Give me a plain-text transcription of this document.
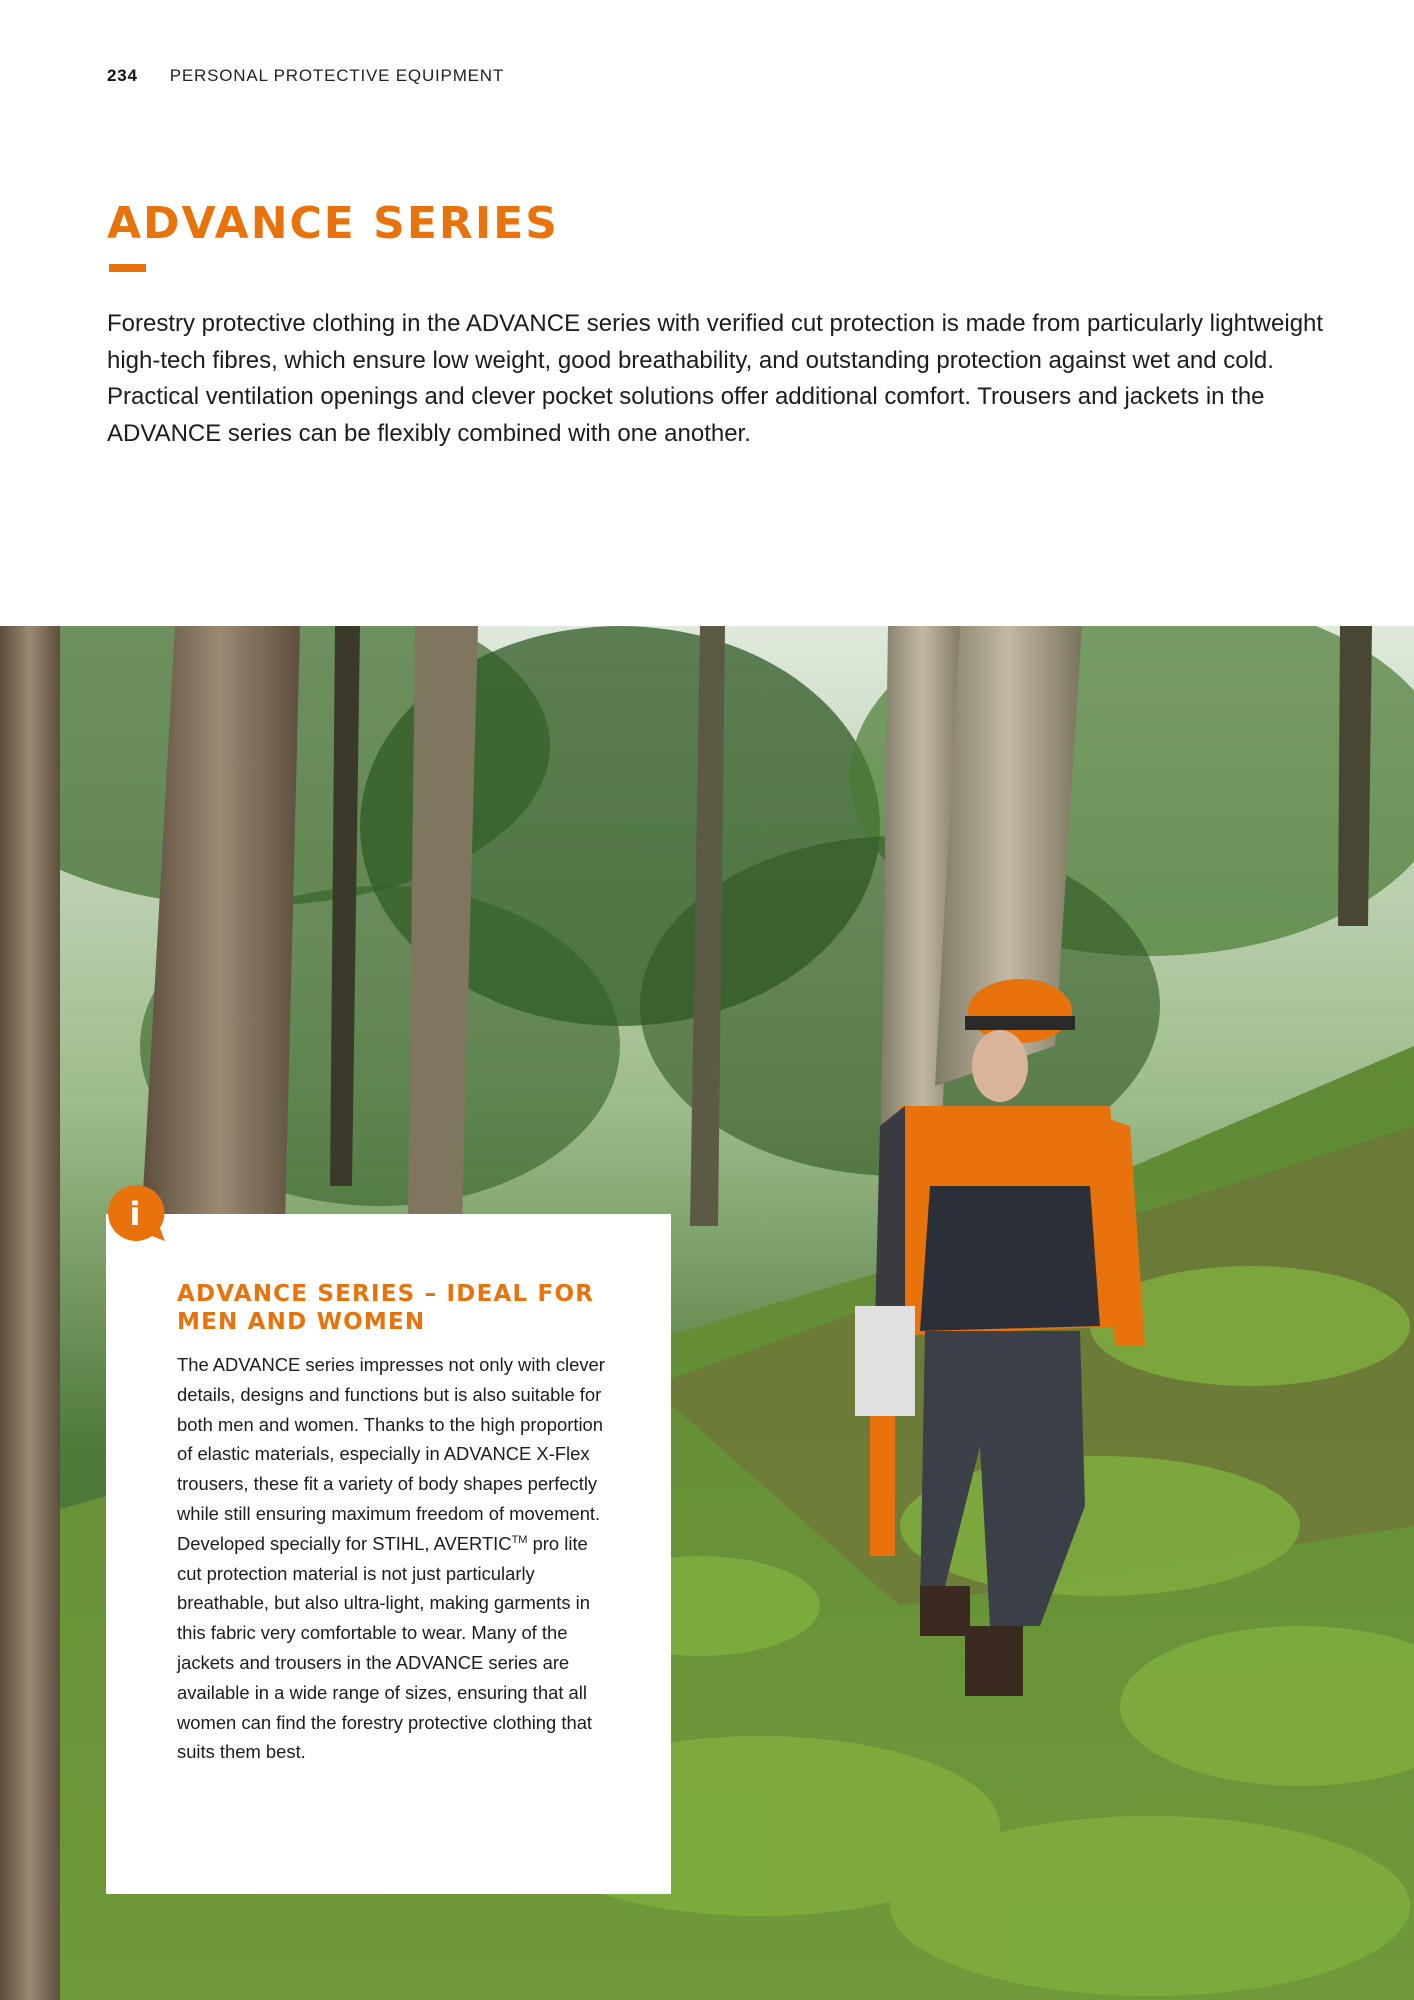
234 PERSONAL PROTECTIVE EQUIPMENT
ADVANCE SERIES

Forestry protective clothing in the ADVANCE series with verified cut protection is made from particularly lightweight high-tech fibres, which ensure low weight, good breathability, and outstanding protection against wet and cold. Practical ventilation openings and clever pocket solutions offer additional comfort. Trousers and jackets in the ADVANCE series can be flexibly combined with one another.

ADVANCE SERIES – IDEAL FOR MEN AND WOMEN

The ADVANCE series impresses not only with clever details, designs and functions but is also suitable for both men and women. Thanks to the high proportion of elastic materials, especially in ADVANCE X-Flex trousers, these fit a variety of body shapes perfectly while still ensuring maximum freedom of movement. Developed specially for STIHL, AVERTIC™ pro lite cut protection material is not just particularly breathable, but also ultra-light, making garments in this fabric very comfortable to wear. Many of the jackets and trousers in the ADVANCE series are available in a wide range of sizes, ensuring that all women can find the forestry protective clothing that suits them best.

i
